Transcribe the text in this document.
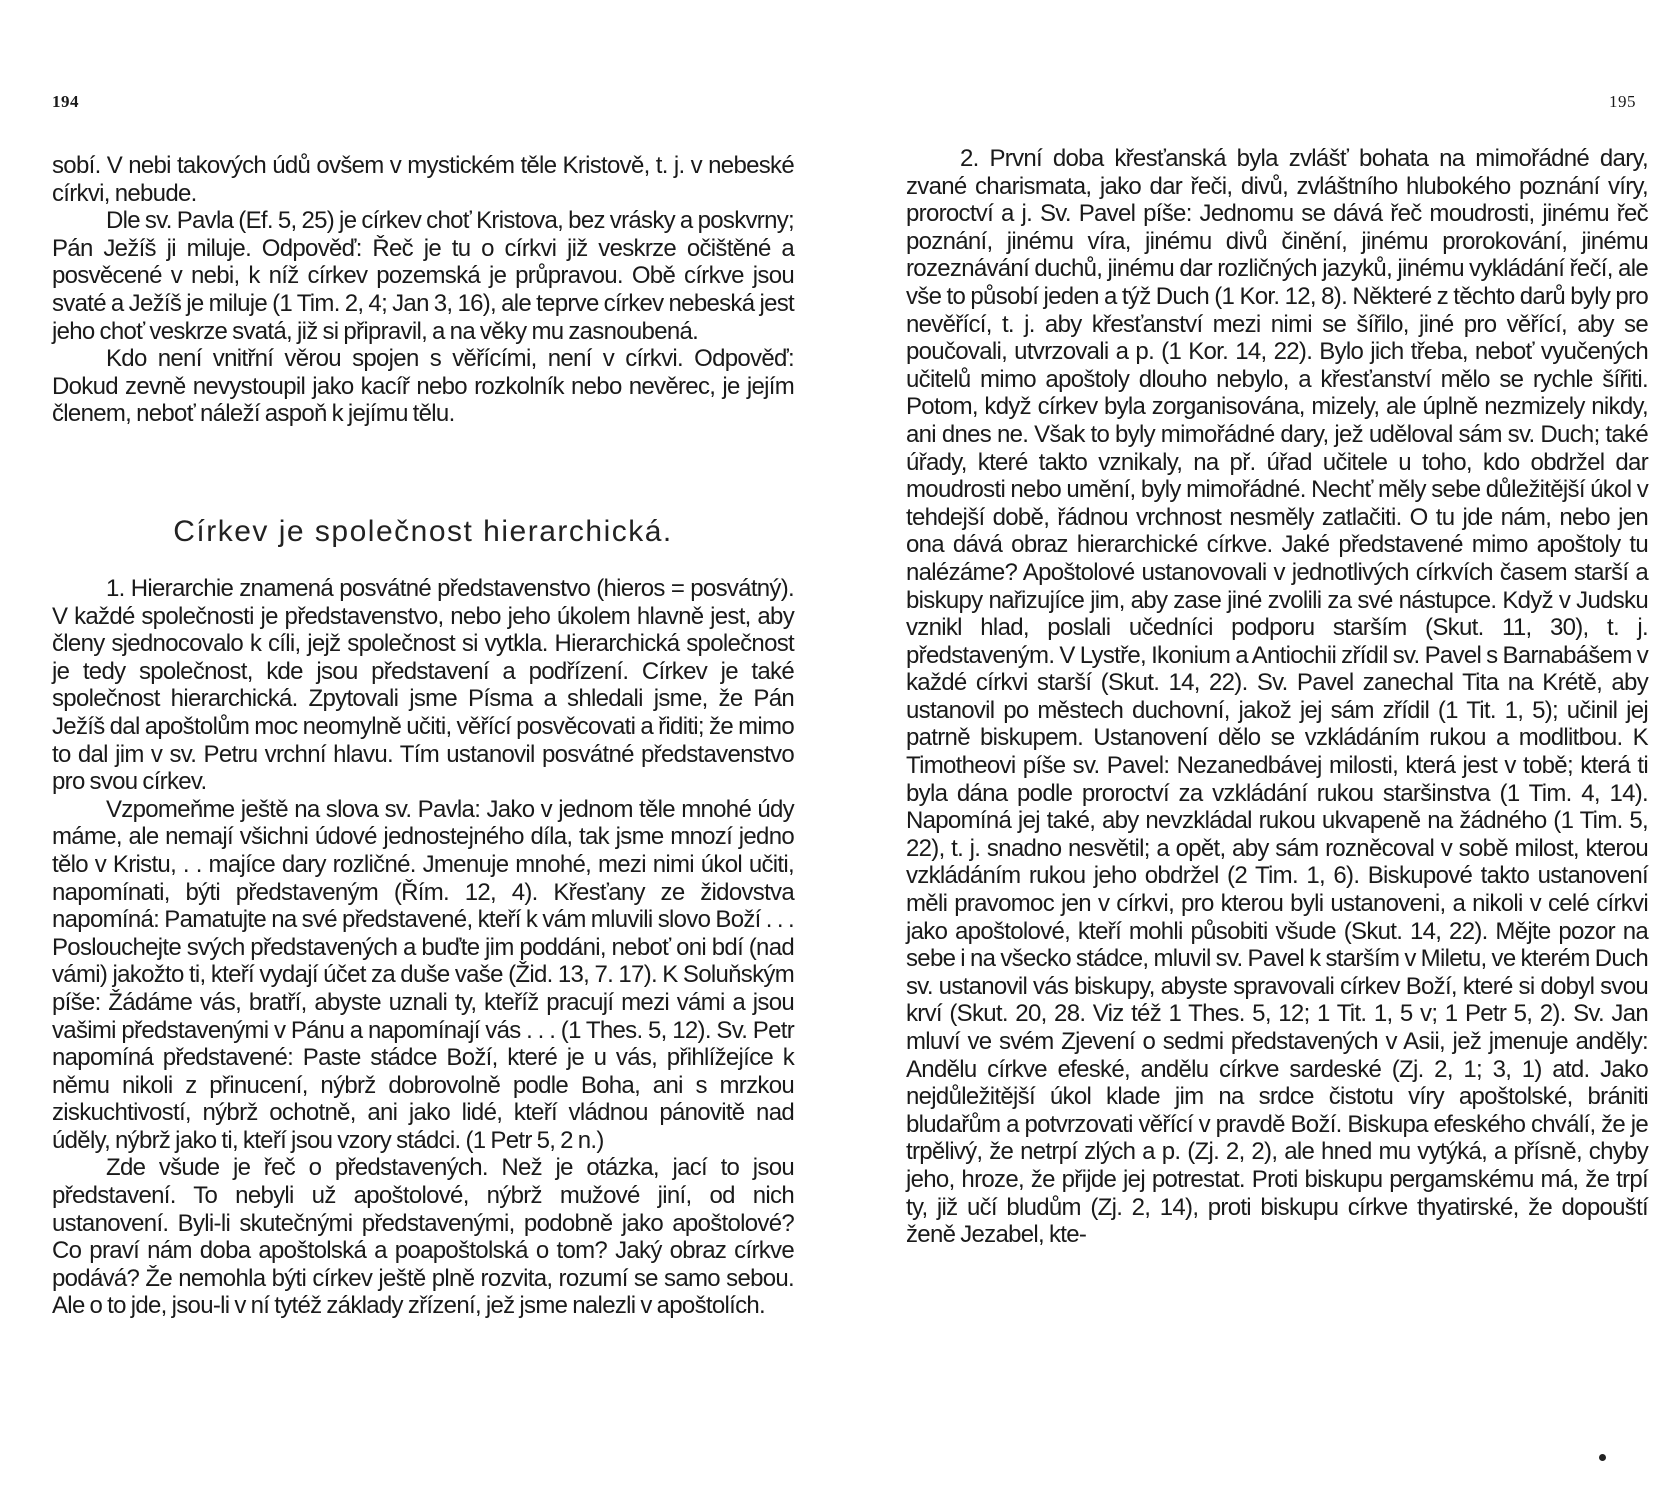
194

sobí. V nebi takových údů ovšem v mystickém těle Kristově, t. j. v nebeské církvi, nebude.

Dle sv. Pavla (Ef. 5, 25) je církev choť Kristova, bez vrásky a poskvrny; Pán Ježíš ji miluje. Odpověď: Řeč je tu o církvi již veskrze očištěné a posvěcené v nebi, k níž církev pozemská je průpravou. Obě církve jsou svaté a Ježíš je miluje (1 Tim. 2, 4; Jan 3, 16), ale teprve církev nebeská jest jeho choť veskrze svatá, již si připravil, a na věky mu zasnoubená.

Kdo není vnitřní věrou spojen s věřícími, není v církvi. Odpověď: Dokud zevně nevystoupil jako kacíř nebo rozkolník nebo nevěrec, je jejím členem, neboť náleží aspoň k jejímu tělu.

Církev je společnost hierarchická.

1. Hierarchie znamená posvátné představenstvo (hieros = posvátný). V každé společnosti je představenstvo, nebo jeho úkolem hlavně jest, aby členy sjednocovalo k cíli, jejž společnost si vytkla. Hierarchická společnost je tedy společnost, kde jsou představení a podřízení. Církev je také společnost hierarchická. Zpytovali jsme Písma a shledali jsme, že Pán Ježíš dal apoštolům moc neomylně učiti, věřící posvěcovati a řiditi; že mimo to dal jim v sv. Petru vrchní hlavu. Tím ustanovil posvátné představenstvo pro svou církev.

Vzpomeňme ještě na slova sv. Pavla: Jako v jednom těle mnohé údy máme, ale nemají všichni údové jednostejného díla, tak jsme mnozí jedno tělo v Kristu, . . majíce dary rozličné. Jmenuje mnohé, mezi nimi úkol učiti, napomínati, býti představeným (Řím. 12, 4). Křesťany ze židovstva napomíná: Pamatujte na své představené, kteří k vám mluvili slovo Boží . . . Poslouchejte svých představených a buďte jim poddáni, neboť oni bdí (nad vámi) jakožto ti, kteří vydají účet za duše vaše (Žid. 13, 7. 17). K Soluňským píše: Žádáme vás, bratří, abyste uznali ty, kteříž pracují mezi vámi a jsou vašimi představenými v Pánu a napomínají vás . . . (1 Thes. 5, 12). Sv. Petr napomíná představené: Paste stádce Boží, které je u vás, přihlížejíce k němu nikoli z přinucení, nýbrž dobrovolně podle Boha, ani s mrzkou ziskuchtivostí, nýbrž ochotně, ani jako lidé, kteří vládnou pánovitě nad úděly, nýbrž jako ti, kteří jsou vzory stádci. (1 Petr 5, 2 n.)

Zde všude je řeč o představených. Než je otázka, jací to jsou představení. To nebyli už apoštolové, nýbrž mužové jiní, od nich ustanovení. Byli-li skutečnými představenými, podobně jako apoštolové? Co praví nám doba apoštolská a poapoštolská o tom? Jaký obraz církve podává? Že nemohla býti církev ještě plně rozvita, rozumí se samo sebou. Ale o to jde, jsou-li v ní tytéž základy zřízení, jež jsme nalezli v apoštolích.

195

2. První doba křesťanská byla zvlášť bohata na mimořádné dary, zvané charismata, jako dar řeči, divů, zvláštního hlubokého poznání víry, proroctví a j. Sv. Pavel píše: Jednomu se dává řeč moudrosti, jinému řeč poznání, jinému víra, jinému divů činění, jinému prorokování, jinému rozeznávání duchů, jinému dar rozličných jazyků, jinému vykládání řečí, ale vše to působí jeden a týž Duch (1 Kor. 12, 8). Některé z těchto darů byly pro nevěřící, t. j. aby křesťanství mezi nimi se šířilo, jiné pro věřící, aby se poučovali, utvrzovali a p. (1 Kor. 14, 22). Bylo jich třeba, neboť vyučených učitelů mimo apoštoly dlouho nebylo, a křesťanství mělo se rychle šířiti. Potom, když církev byla zorganisována, mizely, ale úplně nezmizely nikdy, ani dnes ne. Však to byly mimořádné dary, jež uděloval sám sv. Duch; také úřady, které takto vznikaly, na př. úřad učitele u toho, kdo obdržel dar moudrosti nebo umění, byly mimořádné. Nechť měly sebe důležitější úkol v tehdejší době, řádnou vrchnost nesměly zatlačiti. O tu jde nám, nebo jen ona dává obraz hierarchické církve. Jaké představené mimo apoštoly tu nalézáme? Apoštolové ustanovovali v jednotlivých církvích časem starší a biskupy nařizujíce jim, aby zase jiné zvolili za své nástupce. Když v Judsku vznikl hlad, poslali učedníci podporu starším (Skut. 11, 30), t. j. představeným. V Lystře, Ikonium a Antiochii zřídil sv. Pavel s Barnabášem v každé církvi starší (Skut. 14, 22). Sv. Pavel zanechal Tita na Krétě, aby ustanovil po městech duchovní, jakož jej sám zřídil (1 Tit. 1, 5); učinil jej patrně biskupem. Ustanovení dělo se vzkládáním rukou a modlitbou. K Timotheovi píše sv. Pavel: Nezanedbávej milosti, která jest v tobě; která ti byla dána podle proroctví za vzkládání rukou staršinstva (1 Tim. 4, 14). Napomíná jej také, aby nevzkládal rukou ukvapeně na žádného (1 Tim. 5, 22), t. j. snadno nesvětil; a opět, aby sám rozněcoval v sobě milost, kterou vzkládáním rukou jeho obdržel (2 Tim. 1, 6). Biskupové takto ustanovení měli pravomoc jen v církvi, pro kterou byli ustanoveni, a nikoli v celé církvi jako apoštolové, kteří mohli působiti všude (Skut. 14, 22). Mějte pozor na sebe i na všecko stádce, mluvil sv. Pavel k starším v Miletu, ve kterém Duch sv. ustanovil vás biskupy, abyste spravovali církev Boží, které si dobyl svou krví (Skut. 20, 28. Viz též 1 Thes. 5, 12; 1 Tit. 1, 5 v; 1 Petr 5, 2). Sv. Jan mluví ve svém Zjevení o sedmi představených v Asii, jež jmenuje anděly: Andělu církve efeské, andělu církve sardeské (Zj. 2, 1; 3, 1) atd. Jako nejdůležitější úkol klade jim na srdce čistotu víry apoštolské, brániti bludařům a potvrzovati věřící v pravdě Boží. Biskupa efeského chválí, že je trpělivý, že netrpí zlých a p. (Zj. 2, 2), ale hned mu vytýká, a přísně, chyby jeho, hroze, že přijde jej potrestat. Proti biskupu pergamskému má, že trpí ty, již učí bludům (Zj. 2, 14), proti biskupu církve thyatirské, že dopouští ženě Jezabel, kte-
